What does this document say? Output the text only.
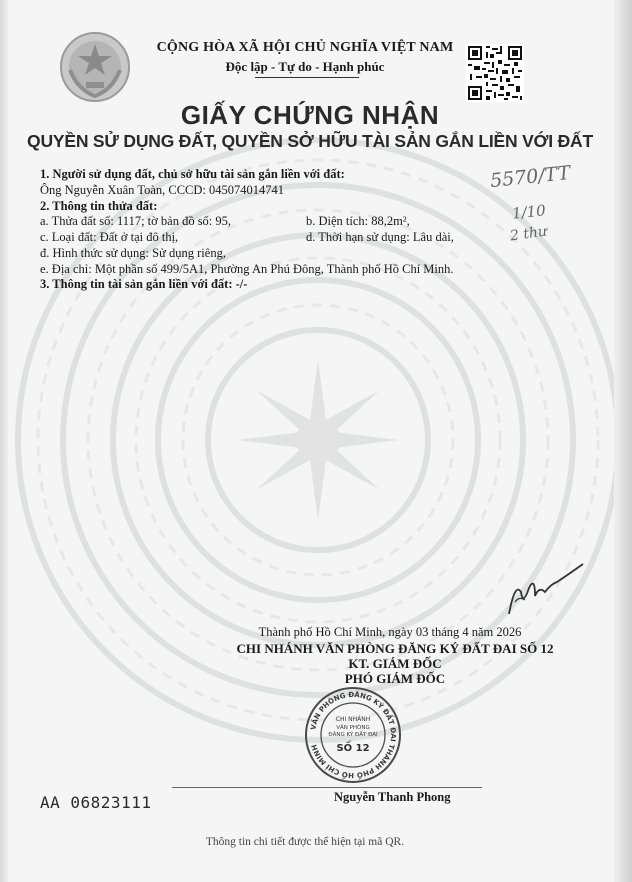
CỘNG HÒA XÃ HỘI CHỦ NGHĨA VIỆT NAM
Độc lập - Tự do - Hạnh phúc
GIẤY CHỨNG NHẬN
QUYỀN SỬ DỤNG ĐẤT, QUYỀN SỞ HỮU TÀI SẢN GẮN LIỀN VỚI ĐẤT
1. Người sử dụng đất, chủ sở hữu tài sản gắn liền với đất:
Ông Nguyễn Xuân Toàn, CCCD: 045074014741
2. Thông tin thửa đất:
a. Thửa đất số: 1117; tờ bản đồ số: 95,	b. Diện tích: 88,2m²,
c. Loại đất: Đất ở tại đô thị,	d. Thời hạn sử dụng: Lâu dài,
đ. Hình thức sử dụng: Sử dụng riêng,
e. Địa chỉ: Một phần số 499/5A1, Phường An Phú Đông, Thành phố Hồ Chí Minh.
3. Thông tin tài sản gắn liền với đất: -/-
5570/TT
1/10
2 thư
Thành phố Hồ Chí Minh, ngày 03 tháng 4 năm 2026
CHI NHÁNH VĂN PHÒNG ĐĂNG KÝ ĐẤT ĐAI SỐ 12
KT. GIÁM ĐỐC
PHÓ GIÁM ĐỐC
VĂN PHÒNG ĐĂNG KÝ ĐẤT ĐAI THÀNH PHỐ HỒ CHÍ MINH
CHI NHÁNH
VĂN PHÒNG
ĐĂNG KÝ ĐẤT ĐAI
SỐ 12
AA 06823111	Nguyễn Thanh Phong
Thông tin chi tiết được thể hiện tại mã QR.
